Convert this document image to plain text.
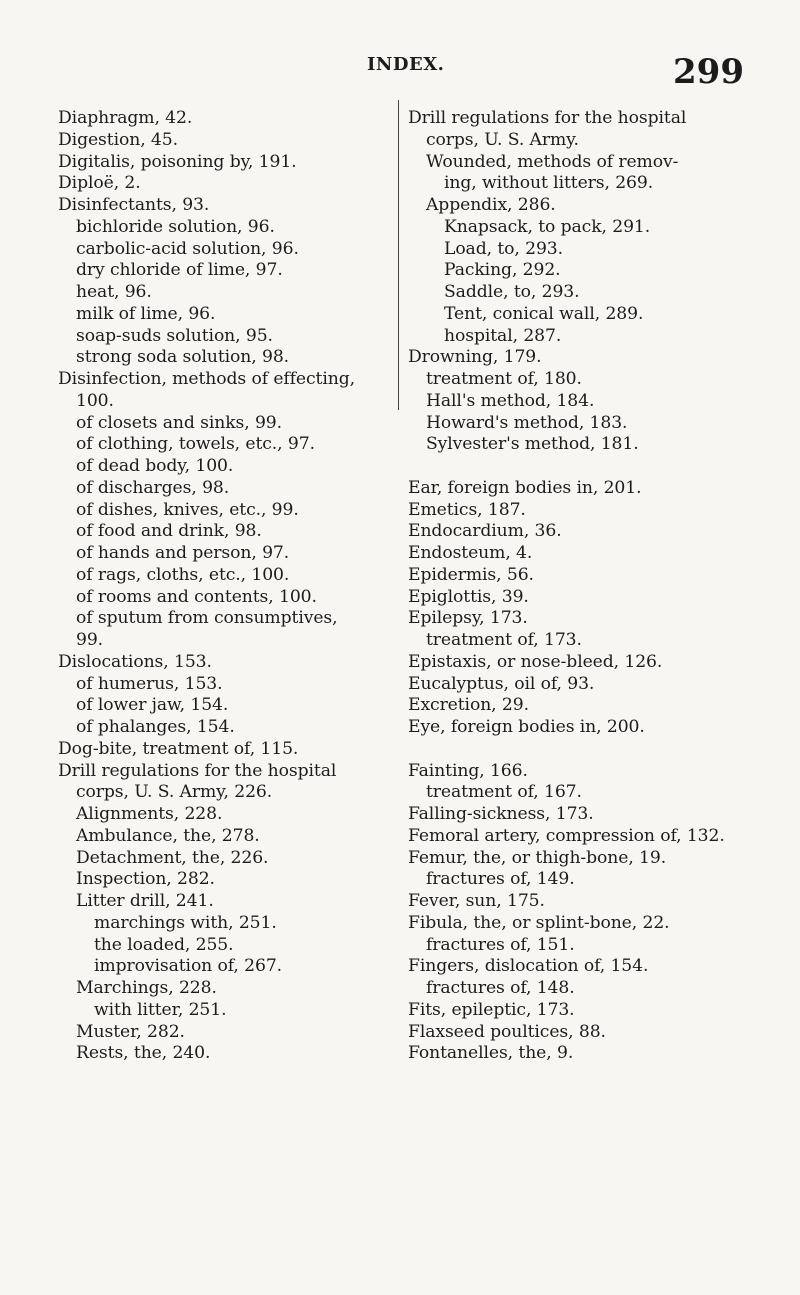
INDEX.	299
Diaphragm, 42.
Digestion, 45.
Digitalis, poisoning by, 191.
Diploë, 2.
Disinfectants, 93.
bichloride solution, 96.
carbolic-acid solution, 96.
dry chloride of lime, 97.
heat, 96.
milk of lime, 96.
soap-suds solution, 95.
strong soda solution, 98.
Disinfection, methods of effecting,
100.
of closets and sinks, 99.
of clothing, towels, etc., 97.
of dead body, 100.
of discharges, 98.
of dishes, knives, etc., 99.
of food and drink, 98.
of hands and person, 97.
of rags, cloths, etc., 100.
of rooms and contents, 100.
of sputum from consumptives,
99.
Dislocations, 153.
of humerus, 153.
of lower jaw, 154.
of phalanges, 154.
Dog-bite, treatment of, 115.
Drill regulations for the hospital
corps, U. S. Army, 226.
Alignments, 228.
Ambulance, the, 278.
Detachment, the, 226.
Inspection, 282.
Litter drill, 241.
marchings with, 251.
the loaded, 255.
improvisation of, 267.
Marchings, 228.
with litter, 251.
Muster, 282.
Rests, the, 240.
Drill regulations for the hospital
corps, U. S. Army.
Wounded, methods of remov-
ing, without litters, 269.
Appendix, 286.
Knapsack, to pack, 291.
Load, to, 293.
Packing, 292.
Saddle, to, 293.
Tent, conical wall, 289.
hospital, 287.
Drowning, 179.
treatment of, 180.
Hall's method, 184.
Howard's method, 183.
Sylvester's method, 181.
Ear, foreign bodies in, 201.
Emetics, 187.
Endocardium, 36.
Endosteum, 4.
Epidermis, 56.
Epiglottis, 39.
Epilepsy, 173.
treatment of, 173.
Epistaxis, or nose-bleed, 126.
Eucalyptus, oil of, 93.
Excretion, 29.
Eye, foreign bodies in, 200.
Fainting, 166.
treatment of, 167.
Falling-sickness, 173.
Femoral artery, compression of, 132.
Femur, the, or thigh-bone, 19.
fractures of, 149.
Fever, sun, 175.
Fibula, the, or splint-bone, 22.
fractures of, 151.
Fingers, dislocation of, 154.
fractures of, 148.
Fits, epileptic, 173.
Flaxseed poultices, 88.
Fontanelles, the, 9.
